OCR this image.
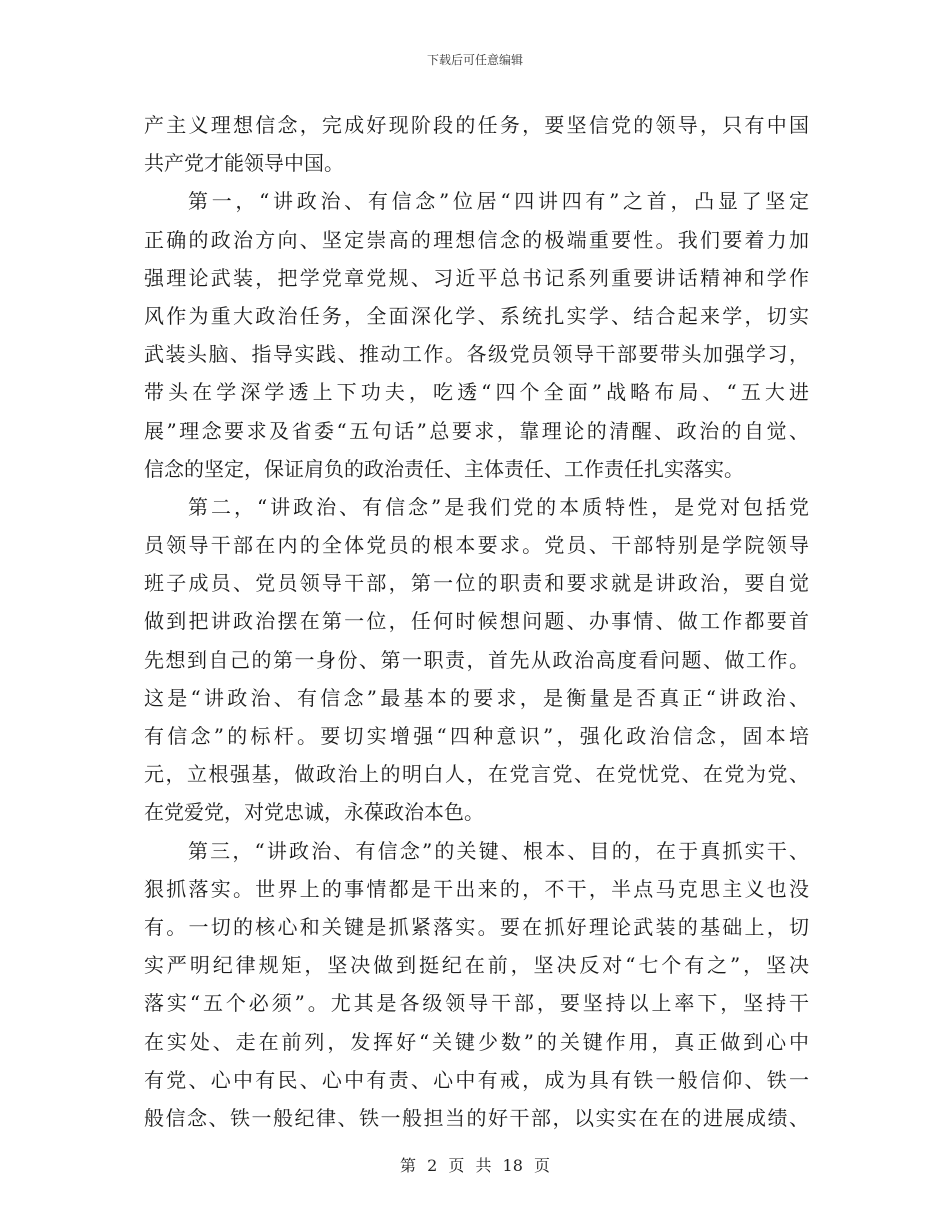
下载后可任意编辑
产主义理想信念，完成好现阶段的任务，要坚信党的领导，只有中国
共产党才能领导中国。
第一，“讲政治、有信念”位居“四讲四有”之首，凸显了坚定
正确的政治方向、坚定崇高的理想信念的极端重要性。我们要着力加
强理论武装，把学党章党规、习近平总书记系列重要讲话精神和学作
风作为重大政治任务，全面深化学、系统扎实学、结合起来学，切实
武装头脑、指导实践、推动工作。各级党员领导干部要带头加强学习，
带头在学深学透上下功夫，吃透“四个全面”战略布局、“五大进
展”理念要求及省委“五句话”总要求，靠理论的清醒、政治的自觉、
信念的坚定，保证肩负的政治责任、主体责任、工作责任扎实落实。
第二，“讲政治、有信念”是我们党的本质特性，是党对包括党
员领导干部在内的全体党员的根本要求。党员、干部特别是学院领导
班子成员、党员领导干部，第一位的职责和要求就是讲政治，要自觉
做到把讲政治摆在第一位，任何时候想问题、办事情、做工作都要首
先想到自己的第一身份、第一职责，首先从政治高度看问题、做工作。
这是“讲政治、有信念”最基本的要求，是衡量是否真正“讲政治、
有信念”的标杆。要切实增强“四种意识”，强化政治信念，固本培
元，立根强基，做政治上的明白人，在党言党、在党忧党、在党为党、
在党爱党，对党忠诚，永葆政治本色。
第三，“讲政治、有信念”的关键、根本、目的，在于真抓实干、
狠抓落实。世界上的事情都是干出来的，不干，半点马克思主义也没
有。一切的核心和关键是抓紧落实。要在抓好理论武装的基础上，切
实严明纪律规矩，坚决做到挺纪在前，坚决反对“七个有之”，坚决
落实“五个必须”。尤其是各级领导干部，要坚持以上率下，坚持干
在实处、走在前列，发挥好“关键少数”的关键作用，真正做到心中
有党、心中有民、心中有责、心中有戒，成为具有铁一般信仰、铁一
般信念、铁一般纪律、铁一般担当的好干部，以实实在在的进展成绩、
第 2 页 共 18 页
